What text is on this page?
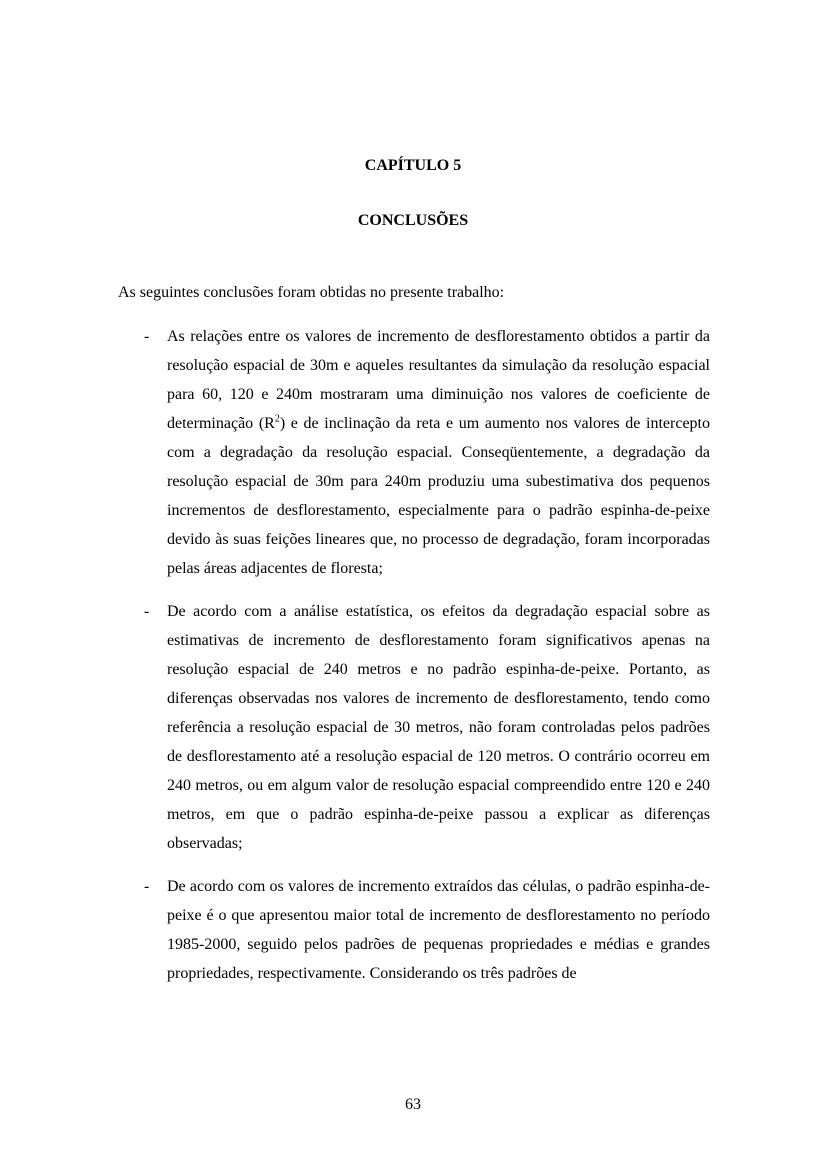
CAPÍTULO 5
CONCLUSÕES
As seguintes conclusões foram obtidas no presente trabalho:
- As relações entre os valores de incremento de desflorestamento obtidos a partir da resolução espacial de 30m e aqueles resultantes da simulação da resolução espacial para 60, 120 e 240m mostraram uma diminuição nos valores de coeficiente de determinação $(R^2)$ e de inclinação da reta e um aumento nos valores de intercepto com a degradação da resolução espacial. Conseqüentemente, a degradação da resolução espacial de 30m para 240m produziu uma subestimativa dos pequenos incrementos de desflorestamento, especialmente para o padrão espinha-de-peixe devido às suas feições lineares que, no processo de degradação, foram incorporadas pelas áreas adjacentes de floresta;
- De acordo com a análise estatística, os efeitos da degradação espacial sobre as estimativas de incremento de desflorestamento foram significativos apenas na resolução espacial de 240 metros e no padrão espinha-de-peixe. Portanto, as diferenças observadas nos valores de incremento de desflorestamento, tendo como referência a resolução espacial de 30 metros, não foram controladas pelos padrões de desflorestamento até a resolução espacial de 120 metros. O contrário ocorreu em 240 metros, ou em algum valor de resolução espacial compreendido entre 120 e 240 metros, em que o padrão espinha-de-peixe passou a explicar as diferenças observadas;
- De acordo com os valores de incremento extraídos das células, o padrão espinha-de-peixe é o que apresentou maior total de incremento de desflorestamento no período 1985-2000, seguido pelos padrões de pequenas propriedades e médias e grandes propriedades, respectivamente. Considerando os três padrões de
63
